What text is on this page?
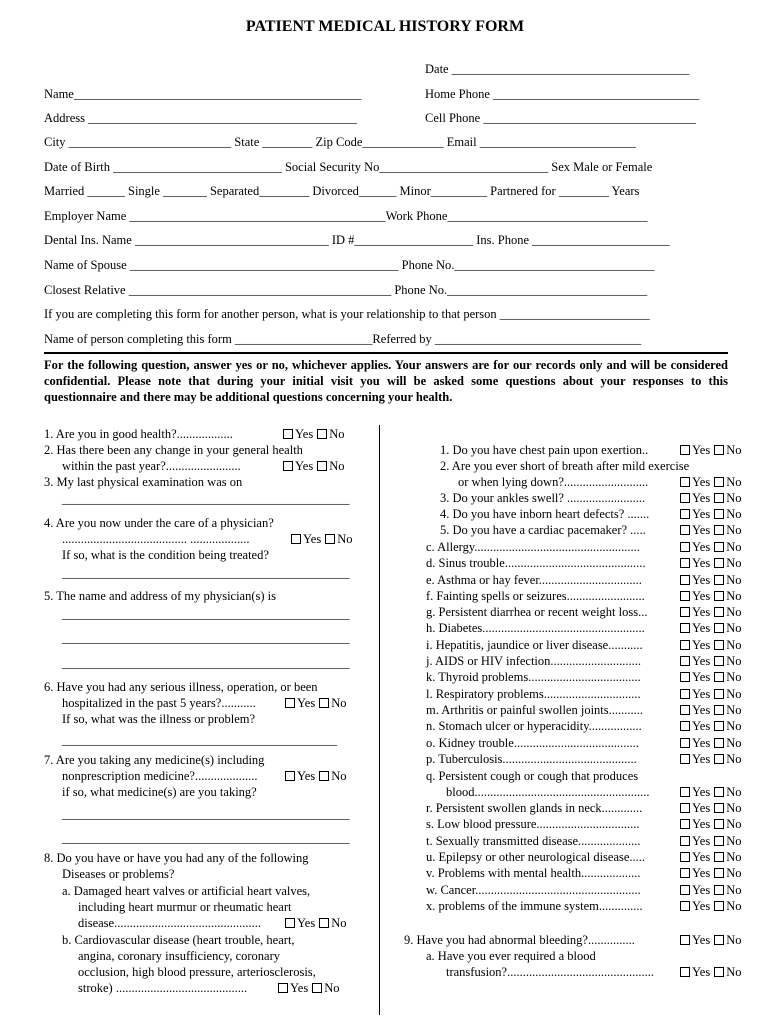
PATIENT MEDICAL HISTORY FORM
Date ______________________________________
Name______________________________________________	Home Phone _________________________________
Address ___________________________________________	Cell Phone __________________________________
City __________________________ State ________ Zip Code_____________ Email _________________________
Date of Birth ___________________________ Social Security No___________________________ Sex Male or Female
Married ______ Single _______ Separated________ Divorced______ Minor_________ Partnered for ________ Years
Employer Name _________________________________________Work Phone________________________________
Dental Ins. Name _______________________________ ID #___________________ Ins. Phone ______________________
Name of Spouse ___________________________________________ Phone No.________________________________
Closest Relative __________________________________________ Phone No.________________________________
If you are completing this form for another person, what is your relationship to that person ________________________
Name of person completing this form ______________________Referred by _________________________________
For the following question, answer yes or no, whichever applies. Your answers are for our records only and will be considered confidential. Please note that during your initial visit you will be asked some questions about your responses to this questionnaire and there may be additional questions concerning your health.
1. Are you in good health?..................	Yes No
2. Has there been any change in your general health
within the past year?........................	Yes No
3. My last physical examination was on
______________________________________________
4. Are you now under the care of a physician?
........................................ ...................	Yes No
If so, what is the condition being treated?
______________________________________________
5. The name and address of my physician(s) is
______________________________________________
______________________________________________
______________________________________________
6. Have you had any serious illness, operation, or been
hospitalized in the past 5 years?...........	Yes No
If so, what was the illness or problem?
____________________________________________
7. Are you taking any medicine(s) including
nonprescription medicine?....................	Yes No
if so, what medicine(s) are you taking?
______________________________________________
______________________________________________
8. Do you have or have you had any of the following
Diseases or problems?
a. Damaged heart valves or artificial heart valves,
including heart murmur or rheumatic heart
disease...............................................	Yes No
b. Cardiovascular disease (heart trouble, heart,
angina, coronary insufficiency, coronary
occlusion, high blood pressure, arteriosclerosis,
stroke) ..........................................	Yes No
1. Do you have chest pain upon exertion..	Yes No
2. Are you ever short of breath after mild exercise
or when lying down?...........................	Yes No
3. Do your ankles swell? .........................	Yes No
4. Do you have inborn heart defects? .......	Yes No
5. Do you have a cardiac pacemaker? .....	Yes No
c. Allergy.....................................................	Yes No
d. Sinus trouble.............................................	Yes No
e. Asthma or hay fever.................................	Yes No
f. Fainting spells or seizures.........................	Yes No
g. Persistent diarrhea or recent weight loss...	Yes No
h. Diabetes....................................................	Yes No
i. Hepatitis, jaundice or liver disease...........	Yes No
j. AIDS or HIV infection.............................	Yes No
k. Thyroid problems....................................	Yes No
l. Respiratory problems...............................	Yes No
m. Arthritis or painful swollen joints...........	Yes No
n. Stomach ulcer or hyperacidity.................	Yes No
o. Kidney trouble........................................	Yes No
p. Tuberculosis...........................................	Yes No
q. Persistent cough or cough that produces
blood........................................................	Yes No
r. Persistent swollen glands in neck.............	Yes No
s. Low blood pressure.................................	Yes No
t. Sexually transmitted disease....................	Yes No
u. Epilepsy or other neurological disease.....	Yes No
v. Problems with mental health...................	Yes No
w. Cancer.....................................................	Yes No
x. problems of the immune system..............	Yes No
9. Have you had abnormal bleeding?...............	Yes No
a. Have you ever required a blood
transfusion?...............................................	Yes No
